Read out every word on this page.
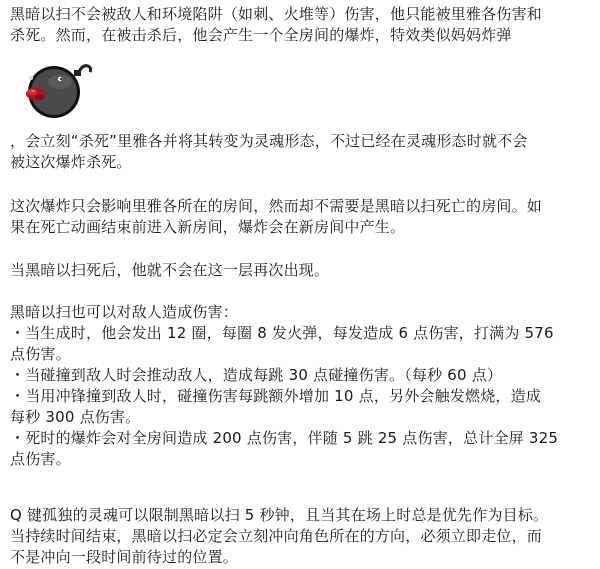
黑暗以扫不会被敌人和环境陷阱（如刺、火堆等）伤害，他只能被里雅各伤害和
杀死。然而，在被击杀后，他会产生一个全房间的爆炸，特效类似妈妈炸弹

，会立刻“杀死”里雅各并将其转变为灵魂形态，不过已经在灵魂形态时就不会
被这次爆炸杀死。

这次爆炸只会影响里雅各所在的房间，然而却不需要是黑暗以扫死亡的房间。如
果在死亡动画结束前进入新房间，爆炸会在新房间中产生。

当黑暗以扫死后，他就不会在这一层再次出现。

黑暗以扫也可以对敌人造成伤害：
・当生成时，他会发出 12 圈，每圈 8 发火弹，每发造成 6 点伤害，打满为 576
点伤害。
・当碰撞到敌人时会推动敌人，造成每跳 30 点碰撞伤害。（每秒 60 点）
・当用冲锋撞到敌人时，碰撞伤害每跳额外增加 10 点，另外会触发燃烧，造成
每秒 300 点伤害。
・死时的爆炸会对全房间造成 200 点伤害，伴随 5 跳 25 点伤害，总计全屏 325
点伤害。

Q 键孤独的灵魂可以限制黑暗以扫 5 秒钟，且当其在场上时总是优先作为目标。
当持续时间结束，黑暗以扫必定会立刻冲向角色所在的方向，必须立即走位，而
不是冲向一段时间前待过的位置。
